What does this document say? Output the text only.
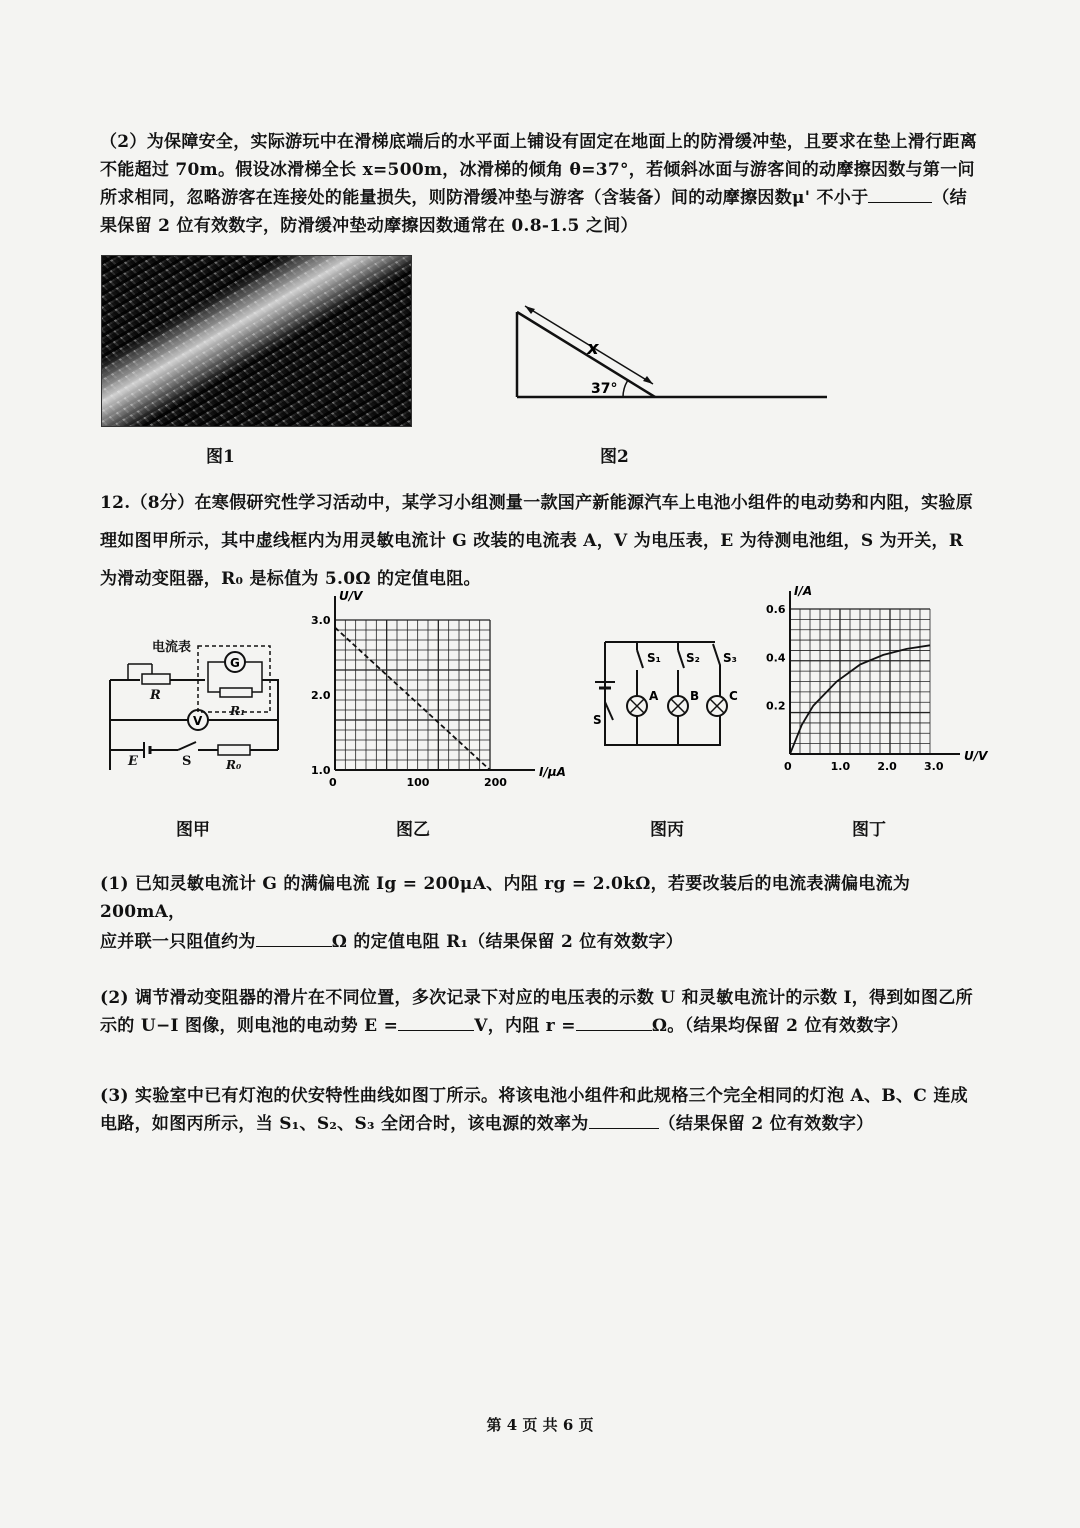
（2）为保障安全，实际游玩中在滑梯底端后的水平面上铺设有固定在地面上的防滑缓冲垫，且要求在垫上滑行距离不能超过 70m。假设冰滑梯全长 x=500m，冰滑梯的倾角 θ=37°，若倾斜冰面与游客间的动摩擦因数与第一问所求相同，忽略游客在连接处的能量损失，则防滑缓冲垫与游客（含装备）间的动摩擦因数μ' 不小于	（结果保留 2 位有效数字，防滑缓冲垫动摩擦因数通常在 0.8-1.5 之间）
图1
x
37°
图2
12.（8分）在寒假研究性学习活动中，某学习小组测量一款国产新能源汽车上电池小组件的电动势和内阻，实验原理如图甲所示，其中虚线框内为用灵敏电流计 G 改装的电流表 A，V 为电压表，E 为待测电池组，S 为开关，R 为滑动变阻器，R₀ 是标值为 5.0Ω 的定值电阻。
G
V
电流表
R
R₁
E	S	R₀
图甲
I/μA
U/V
0	100	200
1.0
2.0
3.0
图乙
S₁ S₂ S₃
S
A	B C
图丙
U/V
I/A
0	1.0 2.0 3.0
0.2
0.4
0.6
图丁
(1) 已知灵敏电流计 G 的满偏电流 Ig = 200μA、内阻 rg = 2.0kΩ，若要改装后的电流表满偏电流为 200mA，
应并联一只阻值约为	Ω 的定值电阻 R₁（结果保留 2 位有效数字）
(2) 调节滑动变阻器的滑片在不同位置，多次记录下对应的电压表的示数 U 和灵敏电流计的示数 I，得到如图乙所示的 U−I 图像，则电池的电动势 E =	V，内阻 r =	Ω。（结果均保留 2 位有效数字）
(3) 实验室中已有灯泡的伏安特性曲线如图丁所示。将该电池小组件和此规格三个完全相同的灯泡 A、B、C 连成电路，如图丙所示，当 S₁、S₂、S₃ 全闭合时，该电源的效率为	（结果保留 2 位有效数字）
第 4 页 共 6 页
